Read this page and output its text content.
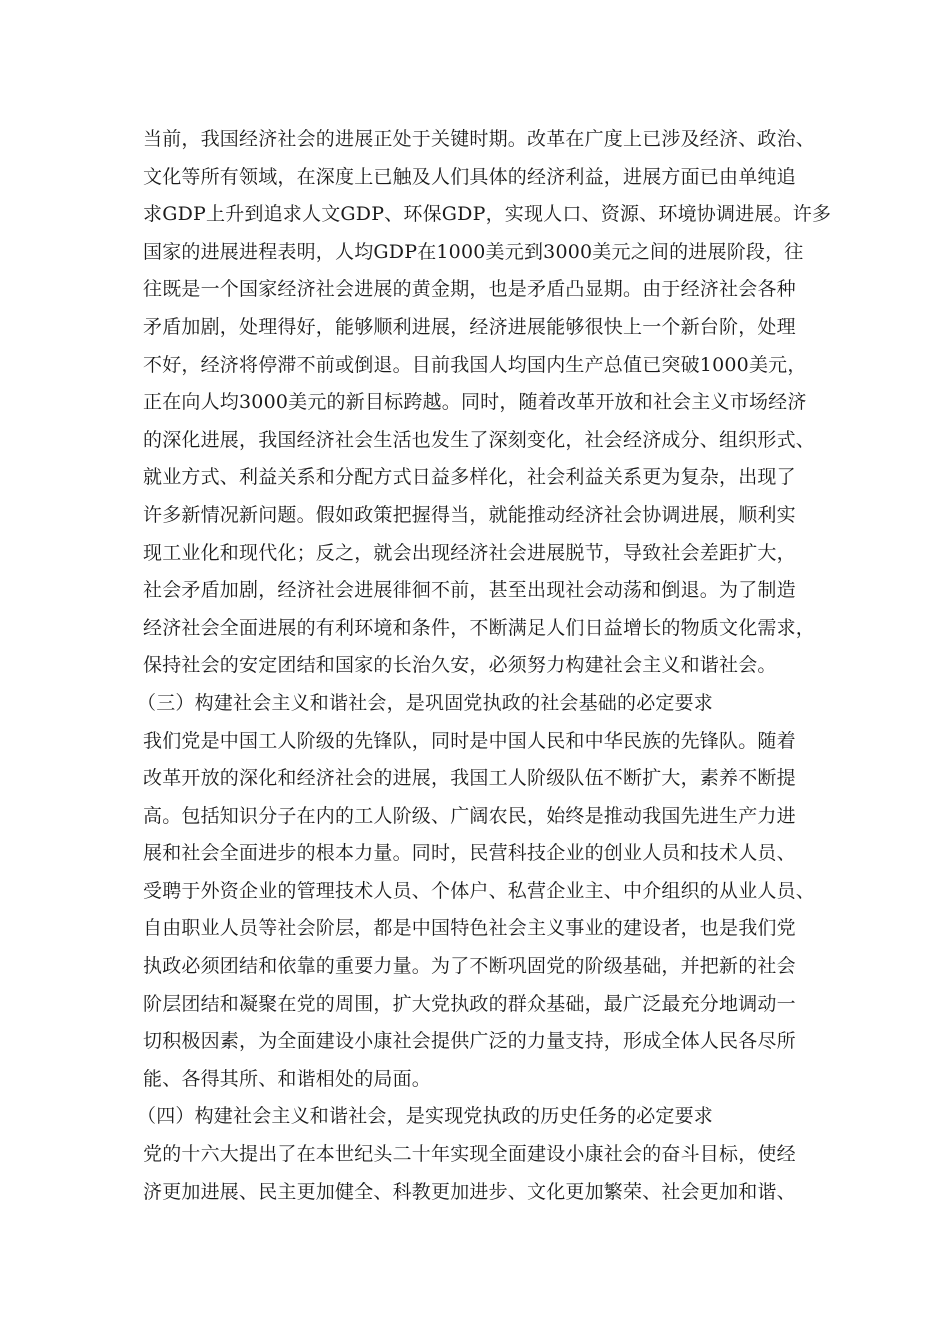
当前，我国经济社会的进展正处于关键时期。改革在广度上已涉及经济、政治、
文化等所有领域，在深度上已触及人们具体的经济利益，进展方面已由单纯追
求GDP上升到追求人文GDP、环保GDP，实现人口、资源、环境协调进展。许多
国家的进展进程表明，人均GDP在1000美元到3000美元之间的进展阶段，往
往既是一个国家经济社会进展的黄金期，也是矛盾凸显期。由于经济社会各种
矛盾加剧，处理得好，能够顺利进展，经济进展能够很快上一个新台阶，处理
不好，经济将停滞不前或倒退。目前我国人均国内生产总值已突破1000美元，
正在向人均3000美元的新目标跨越。同时，随着改革开放和社会主义市场经济
的深化进展，我国经济社会生活也发生了深刻变化，社会经济成分、组织形式、
就业方式、利益关系和分配方式日益多样化，社会利益关系更为复杂，出现了
许多新情况新问题。假如政策把握得当，就能推动经济社会协调进展，顺利实
现工业化和现代化；反之，就会出现经济社会进展脱节，导致社会差距扩大，
社会矛盾加剧，经济社会进展徘徊不前，甚至出现社会动荡和倒退。为了制造
经济社会全面进展的有利环境和条件，不断满足人们日益增长的物质文化需求，
保持社会的安定团结和国家的长治久安，必须努力构建社会主义和谐社会。
（三）构建社会主义和谐社会，是巩固党执政的社会基础的必定要求
我们党是中国工人阶级的先锋队，同时是中国人民和中华民族的先锋队。随着
改革开放的深化和经济社会的进展，我国工人阶级队伍不断扩大，素养不断提
高。包括知识分子在内的工人阶级、广阔农民，始终是推动我国先进生产力进
展和社会全面进步的根本力量。同时，民营科技企业的创业人员和技术人员、
受聘于外资企业的管理技术人员、个体户、私营企业主、中介组织的从业人员、
自由职业人员等社会阶层，都是中国特色社会主义事业的建设者，也是我们党
执政必须团结和依靠的重要力量。为了不断巩固党的阶级基础，并把新的社会
阶层团结和凝聚在党的周围，扩大党执政的群众基础，最广泛最充分地调动一
切积极因素，为全面建设小康社会提供广泛的力量支持，形成全体人民各尽所
能、各得其所、和谐相处的局面。
（四）构建社会主义和谐社会，是实现党执政的历史任务的必定要求
党的十六大提出了在本世纪头二十年实现全面建设小康社会的奋斗目标，使经
济更加进展、民主更加健全、科教更加进步、文化更加繁荣、社会更加和谐、
